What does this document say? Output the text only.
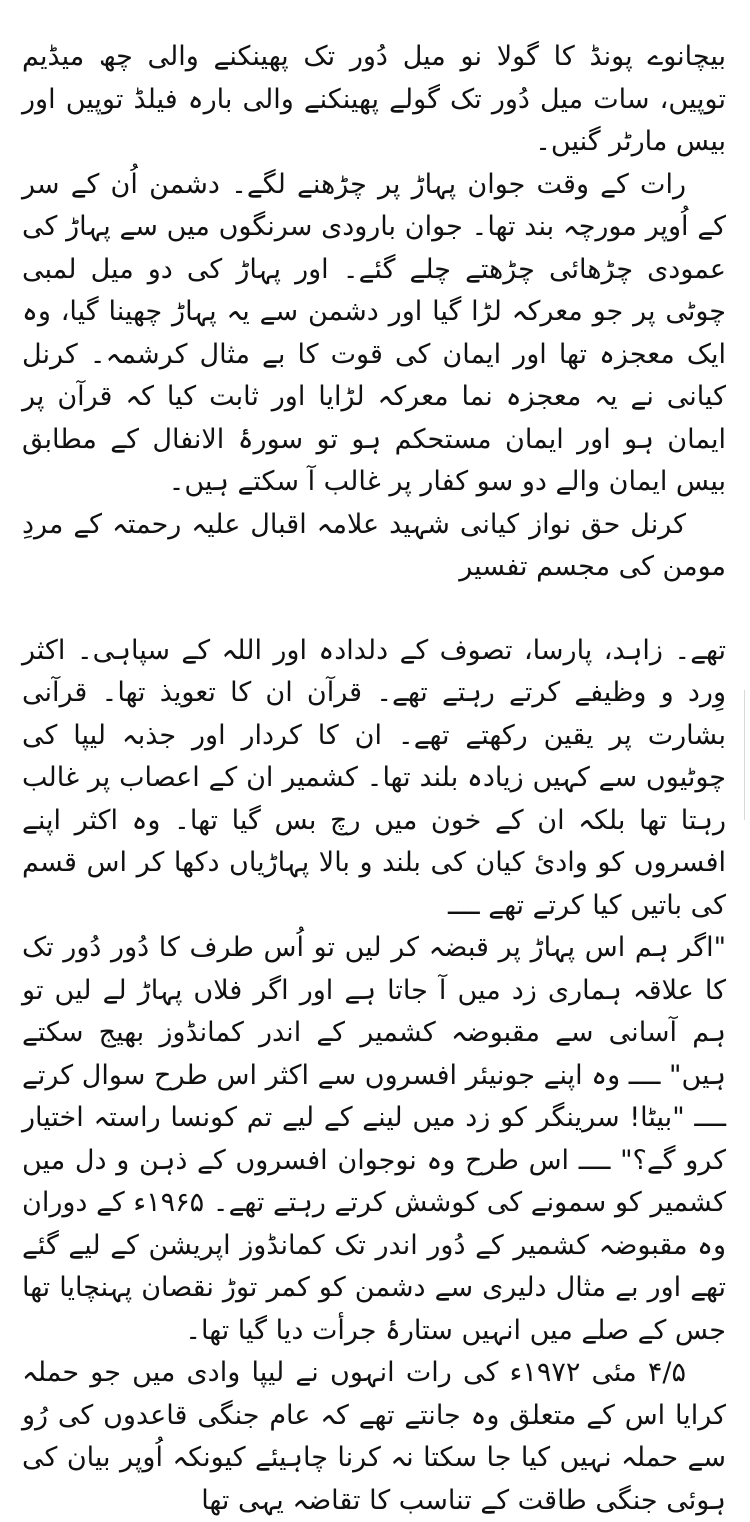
بیچانوے پونڈ کا گولا نو میل دُور تک پھینکنے والی چھ میڈیم توپیں، سات میل دُور تک گولے پھینکنے والی بارہ فیلڈ توپیں اور بیس مارٹر گنیں۔

رات کے وقت جوان پہاڑ پر چڑھنے لگے۔ دشمن اُن کے سر کے اُوپر مورچہ بند تھا۔ جوان بارودی سرنگوں میں سے پہاڑ کی عمودی چڑھائی چڑھتے چلے گئے۔ اور پہاڑ کی دو میل لمبی چوٹی پر جو معرکہ لڑا گیا اور دشمن سے یہ پہاڑ چھینا گیا، وہ ایک معجزہ تھا اور ایمان کی قوت کا بے مثال کرشمہ۔ کرنل کیانی نے یہ معجزہ نما معرکہ لڑایا اور ثابت کیا کہ قرآن پر ایمان ہو اور ایمان مستحکم ہو تو سورۂ الانفال کے مطابق بیس ایمان والے دو سو کفار پر غالب آ سکتے ہیں۔

کرنل حق نواز کیانی شہید علامہ اقبال علیہ رحمتہ کے مردِ مومن کی مجسم تفسیر

تھے۔ زاہد، پارسا، تصوف کے دلدادہ اور اللہ کے سپاہی۔ اکثر وِرد و وظیفے کرتے رہتے تھے۔ قرآن ان کا تعویذ تھا۔ قرآنی بشارت پر یقین رکھتے تھے۔ ان کا کردار اور جذبہ لیپا کی چوٹیوں سے کہیں زیادہ بلند تھا۔ کشمیر ان کے اعصاب پر غالب رہتا تھا بلکہ ان کے خون میں رچ بس گیا تھا۔ وہ اکثر اپنے افسروں کو وادئ کیان کی بلند و بالا پہاڑیاں دکھا کر اس قسم کی باتیں کیا کرتے تھے ــــ

"اگر ہم اس پہاڑ پر قبضہ کر لیں تو اُس طرف کا دُور دُور تک کا علاقہ ہماری زد میں آ جاتا ہے اور اگر فلاں پہاڑ لے لیں تو ہم آسانی سے مقبوضہ کشمیر کے اندر کمانڈوز بھیج سکتے ہیں" ــــ وہ اپنے جونیئر افسروں سے اکثر اس طرح سوال کرتے ــــ "بیٹا! سرینگر کو زد میں لینے کے لیے تم کونسا راستہ اختیار کرو گے؟" ــــ اس طرح وہ نوجوان افسروں کے ذہن و دل میں کشمیر کو سمونے کی کوشش کرتے رہتے تھے۔ ۱۹۶۵ء کے دوران وہ مقبوضہ کشمیر کے دُور اندر تک کمانڈوز اپریشن کے لیے گئے تھے اور بے مثال دلیری سے دشمن کو کمر توڑ نقصان پہنچایا تھا جس کے صلے میں انہیں ستارۂ جرأت دیا گیا تھا۔

۴/۵ مئی ۱۹۷۲ء کی رات انہوں نے لیپا وادی میں جو حملہ کرایا اس کے متعلق وہ جانتے تھے کہ عام جنگی قاعدوں کی رُو سے حملہ نہیں کیا جا سکتا نہ کرنا چاہیئے کیونکہ اُوپر بیان کی ہوئی جنگی طاقت کے تناسب کا تقاضہ یہی تھا
